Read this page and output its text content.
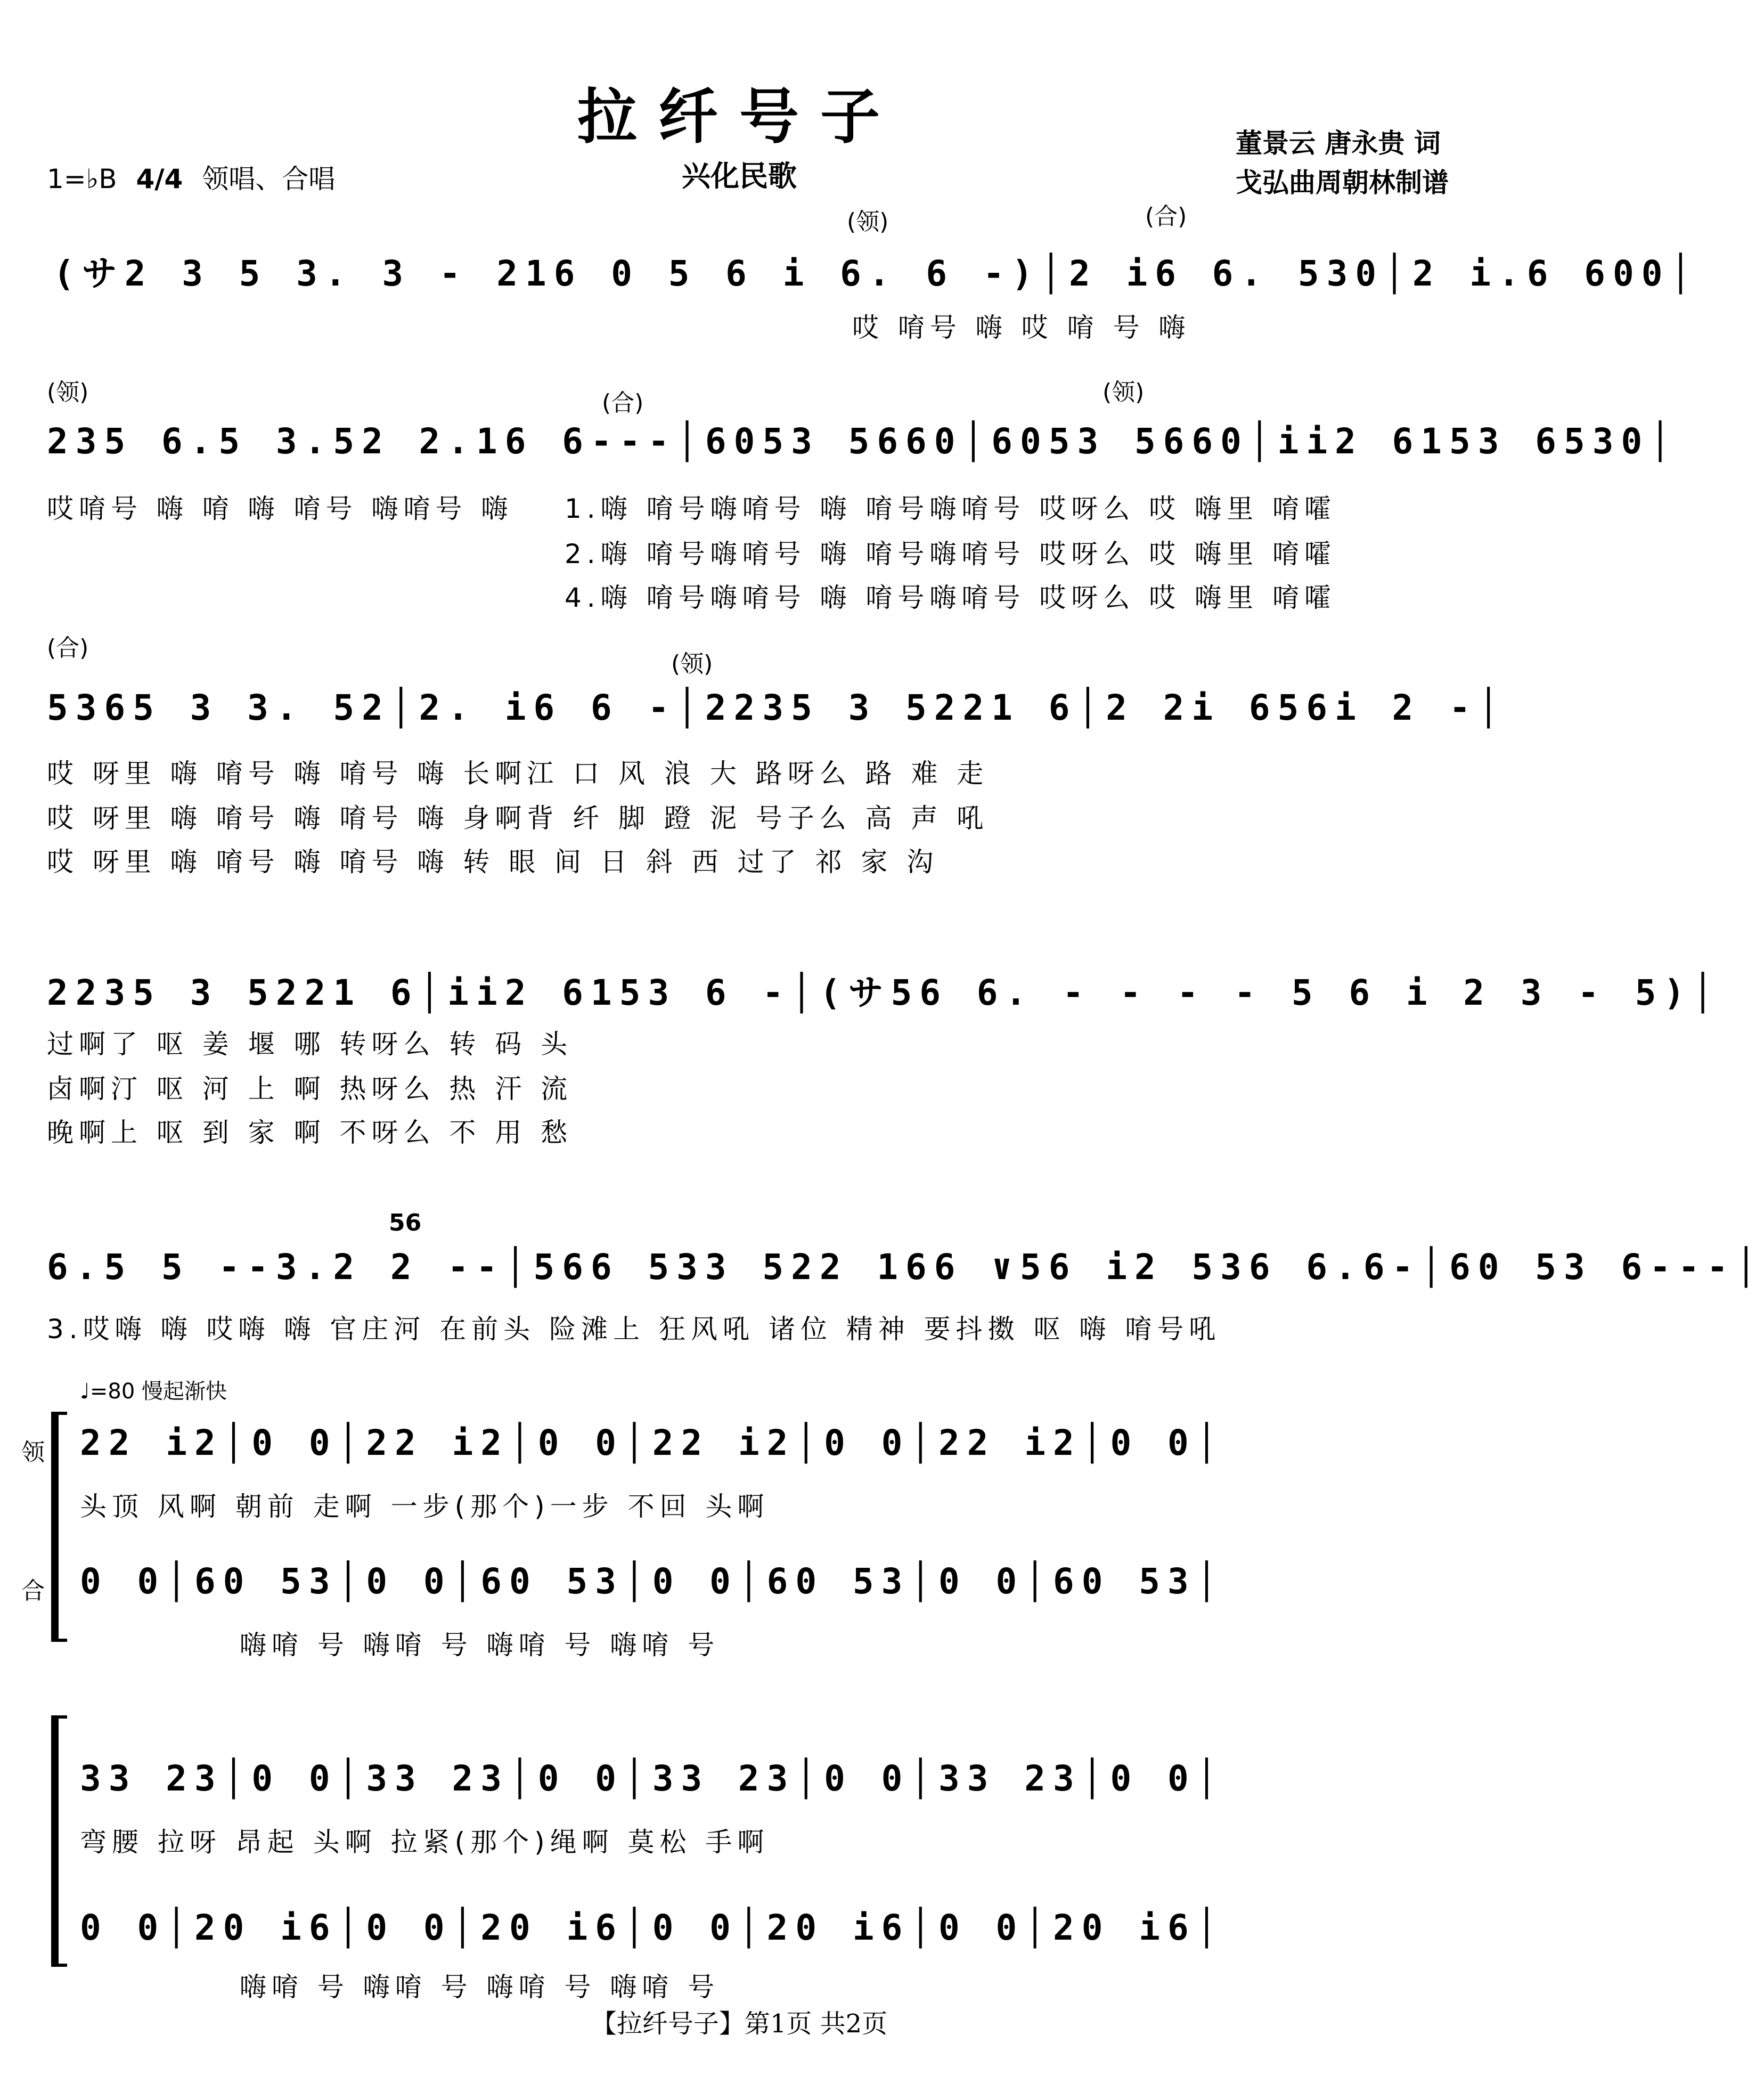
拉纤号子
兴化民歌
1=♭B 4/4 领唱、合唱
董景云 唐永贵 词
戈弘曲周朝林制谱
(领)	(合)
(サ2 3 5 3. 3 - 216 0 5 6 i 6. 6 -)│2 i6 6. 530│2 i.6 600│
哎 唷号 嗨 哎 唷 号 嗨
(领)	(合)	(领)
235 6.5 3.52 2.16 6---│6053 5660│6053 5660│ii2 6153 6530│
哎唷号 嗨 唷 嗨 唷号 嗨唷号 嗨 1.嗨 唷号嗨唷号 嗨 唷号嗨唷号 哎呀么 哎 嗨里 唷嚯
2.嗨 唷号嗨唷号 嗨 唷号嗨唷号 哎呀么 哎 嗨里 唷嚯
4.嗨 唷号嗨唷号 嗨 唷号嗨唷号 哎呀么 哎 嗨里 唷嚯
(合)
(领)
5365 3 3. 52│2. i6 6 -│2235 3 5221 6│2 2i 656i 2 -│
哎 呀里 嗨 唷号 嗨 唷号 嗨 长啊江 口 风 浪 大 路呀么 路 难 走
哎 呀里 嗨 唷号 嗨 唷号 嗨 身啊背 纤 脚 蹬 泥 号子么 高 声 吼
哎 呀里 嗨 唷号 嗨 唷号 嗨 转 眼 间 日 斜 西 过了 祁 家 沟
2235 3 5221 6│ii2 6153 6 -│(サ56 6. - - - - 5 6 i 2 3 - 5)│
过啊了 呕 姜 堰 哪 转呀么 转 码 头
卤啊汀 呕 河 上 啊 热呀么 热 汗 流
晚啊上 呕 到 家 啊 不呀么 不 用 愁
56
6.5 5 --3.2 2 --│566 533 522 166 ∨56 i2 536 6.6-│60 53 6---│
3.哎嗨 嗨 哎嗨 嗨 官庄河 在前头 险滩上 狂风吼 诸位 精神 要抖擞 呕 嗨 唷号吼
♩=80 慢起渐快
领
合
22 i2│0 0│22 i2│0 0│22 i2│0 0│22 i2│0 0│
头顶 风啊 朝前 走啊 一步(那个)一步 不回 头啊
0 0│60 53│0 0│60 53│0 0│60 53│0 0│60 53│
嗨唷 号 嗨唷 号 嗨唷 号 嗨唷 号
33 23│0 0│33 23│0 0│33 23│0 0│33 23│0 0│
弯腰 拉呀 昂起 头啊 拉紧(那个)绳啊 莫松 手啊
0 0│20 i6│0 0│20 i6│0 0│20 i6│0 0│20 i6│
嗨唷 号 嗨唷 号 嗨唷 号 嗨唷 号
【拉纤号子】第1页 共2页
